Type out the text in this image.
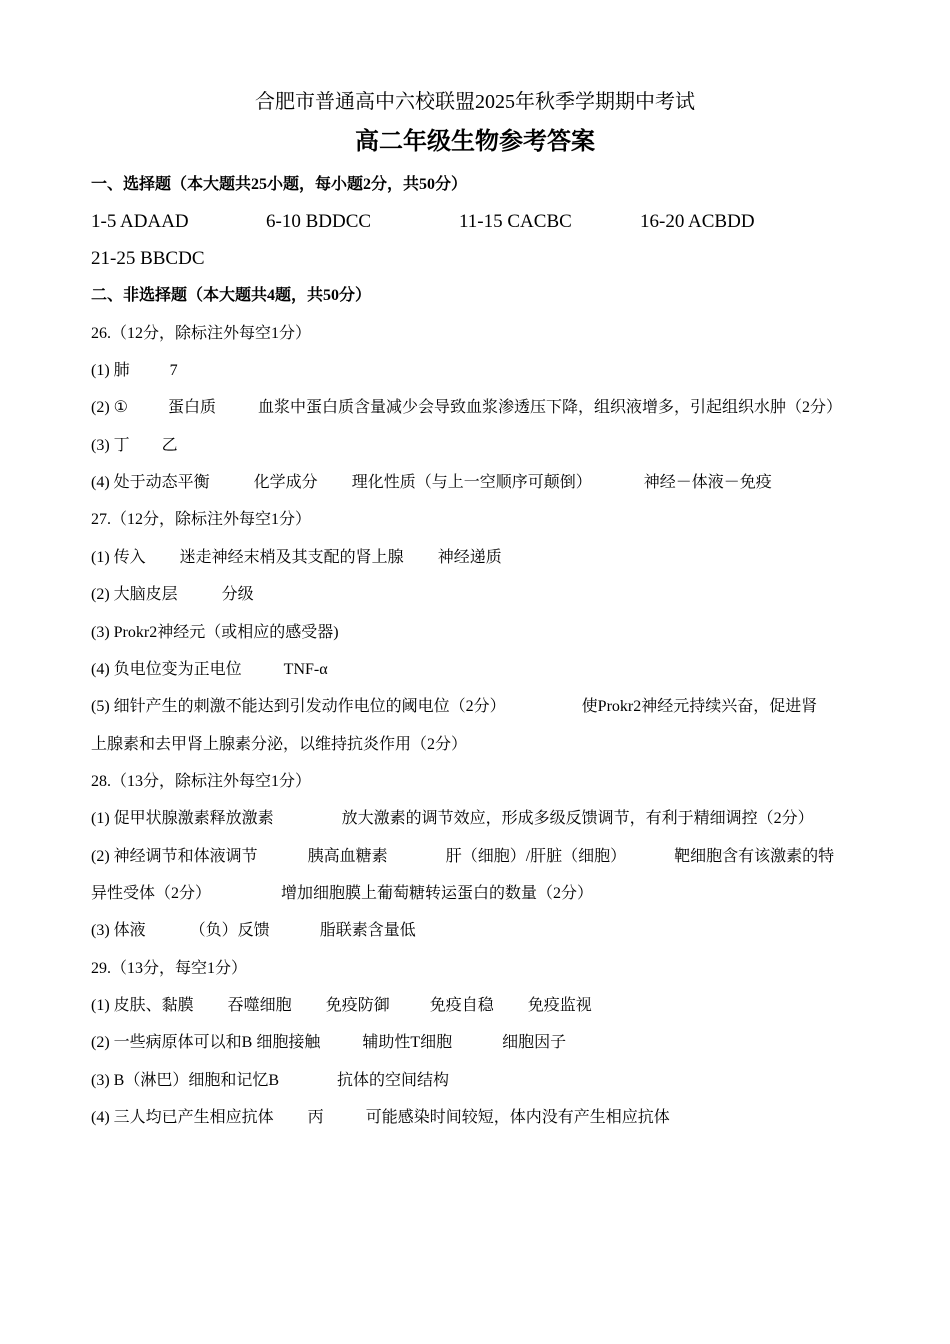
合肥市普通高中六校联盟2025年秋季学期期中考试
高二年级生物参考答案
一、选择题（本大题共25小题，每小题2分，共50分）
1-5 ADAAD	6-10 BDDCC	11-15 CACBC	16-20 ACBDD
21-25 BBCDC
二、非选择题（本大题共4题，共50分）
26.（12分，除标注外每空1分）
(1) 肺	7
(2) ①	蛋白质	血浆中蛋白质含量减少会导致血浆渗透压下降，组织液增多，引起组织水肿（2分）
(3) 丁 乙
(4) 处于动态平衡	化学成分 理化性质（与上一空顺序可颠倒）	神经－体液－免疫
27.（12分，除标注外每空1分）
(1) 传入 迷走神经末梢及其支配的肾上腺 神经递质
(2) 大脑皮层	分级
(3) Prokr2神经元（或相应的感受器)
(4) 负电位变为正电位	TNF-α
(5) 细针产生的刺激不能达到引发动作电位的阈电位（2分）	使Prokr2神经元持续兴奋，促进肾
上腺素和去甲肾上腺素分泌，以维持抗炎作用（2分）
28.（13分，除标注外每空1分）
(1) 促甲状腺激素释放激素	放大激素的调节效应，形成多级反馈调节，有利于精细调控（2分）
(2) 神经调节和体液调节	胰高血糖素	肝（细胞）/肝脏（细胞）	靶细胞含有该激素的特
异性受体（2分）	增加细胞膜上葡萄糖转运蛋白的数量（2分）
(3) 体液	（负）反馈	脂联素含量低
29.（13分，每空1分）
(1) 皮肤、黏膜 吞噬细胞 免疫防御	免疫自稳 免疫监视
(2) 一些病原体可以和B 细胞接触	辅助性T细胞	细胞因子
(3) B（淋巴）细胞和记忆B	抗体的空间结构
(4) 三人均已产生相应抗体 丙	可能感染时间较短，体内没有产生相应抗体
